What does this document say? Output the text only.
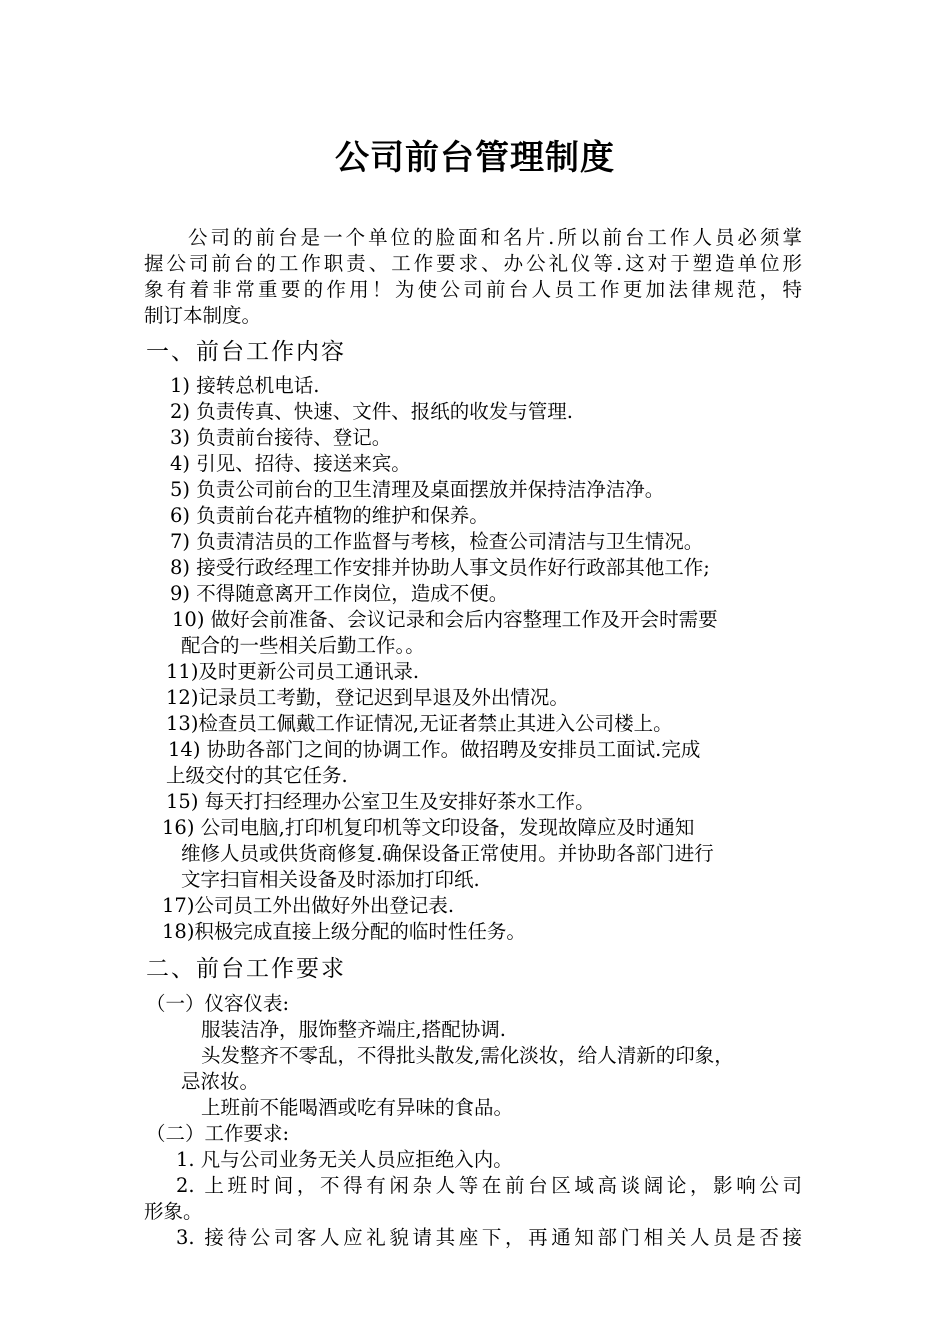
公司前台管理制度
公司的前台是一个单位的脸面和名片.所以前台工作人员必须掌
握公司前台的工作职责、工作要求、办公礼仪等.这对于塑造单位形
象有着非常重要的作用！为使公司前台人员工作更加法律规范，特
制订本制度。
一、前台工作内容
1) 接转总机电话.
2) 负责传真、快速、文件、报纸的收发与管理.
3) 负责前台接待、登记。
4) 引见、招待、接送来宾。
5) 负责公司前台的卫生清理及桌面摆放并保持洁净洁净。
6) 负责前台花卉植物的维护和保养。
7) 负责清洁员的工作监督与考核，检查公司清洁与卫生情况。
8) 接受行政经理工作安排并协助人事文员作好行政部其他工作;
9) 不得随意离开工作岗位，造成不便。
10) 做好会前准备、会议记录和会后内容整理工作及开会时需要
配合的一些相关后勤工作。。
11)及时更新公司员工通讯录.
12)记录员工考勤，登记迟到早退及外出情况。
13)检查员工佩戴工作证情况,无证者禁止其进入公司楼上。
14) 协助各部门之间的协调工作。做招聘及安排员工面试.完成
上级交付的其它任务.
15) 每天打扫经理办公室卫生及安排好茶水工作。
16) 公司电脑,打印机复印机等文印设备，发现故障应及时通知
维修人员或供货商修复.确保设备正常使用。并协助各部门进行
文字扫盲相关设备及时添加打印纸.
17)公司员工外出做好外出登记表.
18)积极完成直接上级分配的临时性任务。
二、前台工作要求
（一）仪容仪表:
服装洁净，服饰整齐端庄,搭配协调.
头发整齐不零乱，不得批头散发,需化淡妆，给人清新的印象，
忌浓妆。
上班前不能喝酒或吃有异味的食品。
（二）工作要求:
1. 凡与公司业务无关人员应拒绝入内。
2. 上班时间，不得有闲杂人等在前台区域高谈阔论，影响公司
形象。
3. 接待公司客人应礼貌请其座下，再通知部门相关人员是否接
